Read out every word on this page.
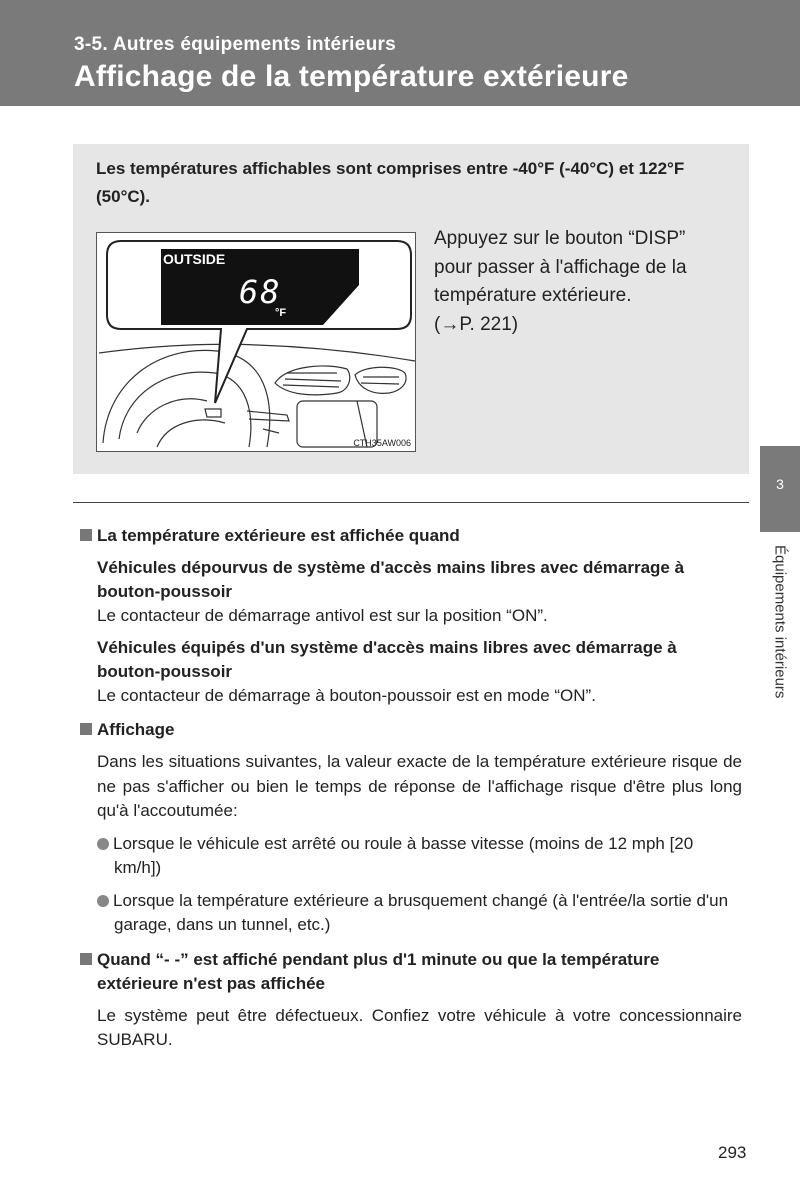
3-5. Autres équipements intérieurs
Affichage de la température extérieure
Les températures affichables sont comprises entre -40°F (-40°C) et 122°F (50°C).
OUTSIDE
68
°F
CTH35AW006
Appuyez sur le bouton “DISP”
pour passer à l'affichage de la
température extérieure.
(→P. 221)

La température extérieure est affichée quand

Véhicules dépourvus de système d'accès mains libres avec démarrage à bouton-poussoir

Le contacteur de démarrage antivol est sur la position “ON”.

Véhicules équipés d'un système d'accès mains libres avec démarrage à bouton-poussoir

Le contacteur de démarrage à bouton-poussoir est en mode “ON”.

Affichage

Dans les situations suivantes, la valeur exacte de la température extérieure risque de ne pas s'afficher ou bien le temps de réponse de l'affichage risque d'être plus long qu'à l'accoutumée:

Lorsque le véhicule est arrêté ou roule à basse vitesse (moins de 12 mph [20 km/h])

Lorsque la température extérieure a brusquement changé (à l'entrée/la sortie d'un garage, dans un tunnel, etc.)

Quand “- -” est affiché pendant plus d'1 minute ou que la température extérieure n'est pas affichée

Le système peut être défectueux. Confiez votre véhicule à votre concessionnaire SUBARU.

3
Équipements intérieurs
293
